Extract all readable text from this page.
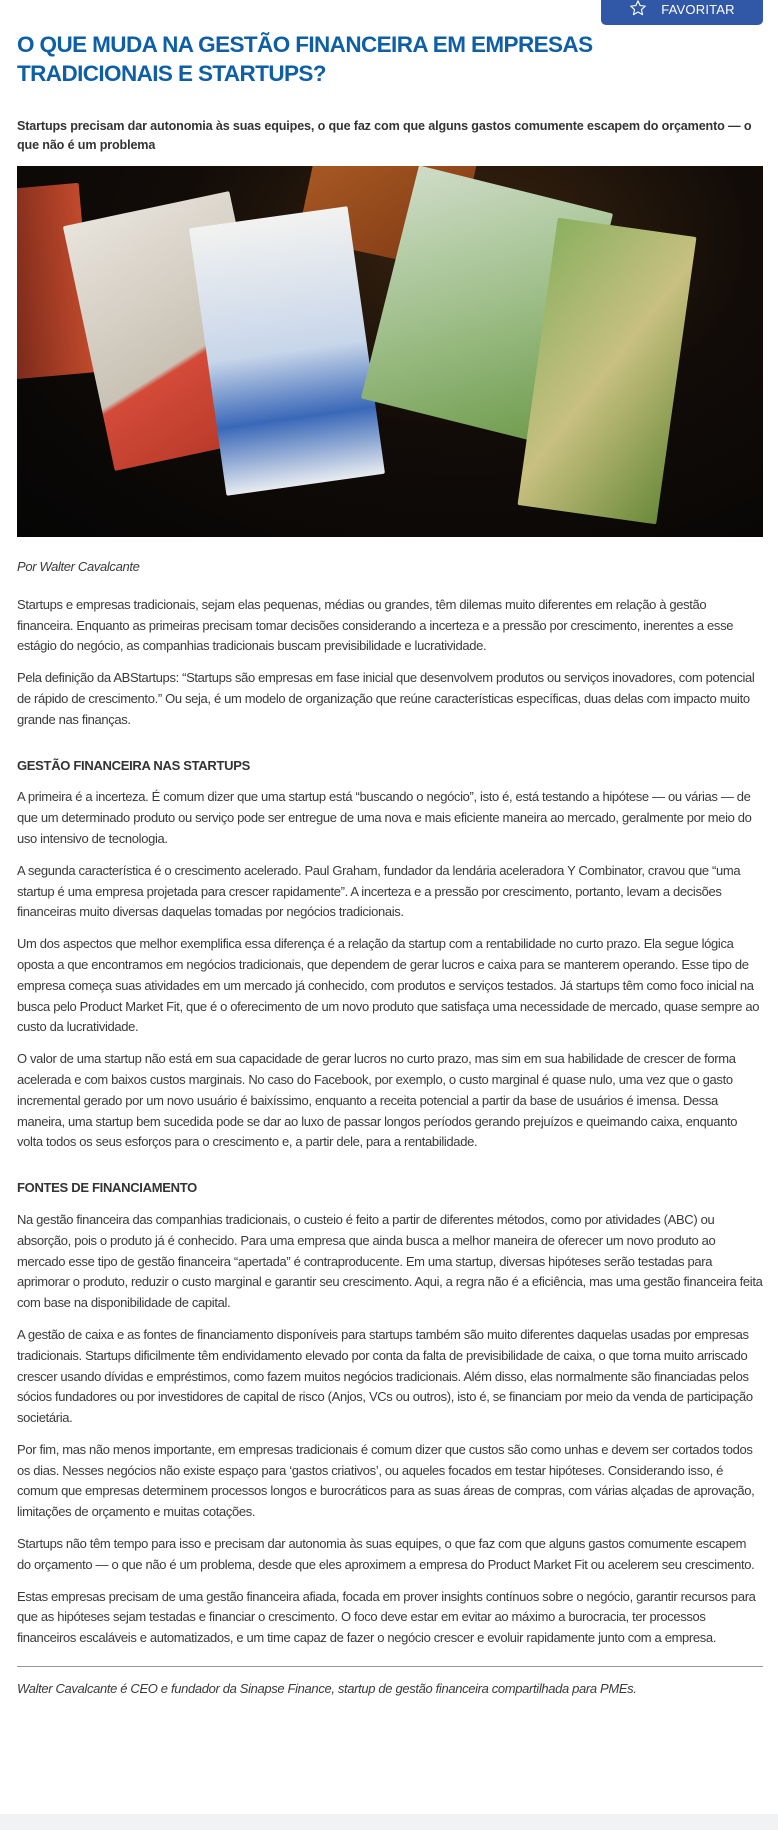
FAVORITAR
O QUE MUDA NA GESTÃO FINANCEIRA EM EMPRESAS TRADICIONAIS E STARTUPS?

Startups precisam dar autonomia às suas equipes, o que faz com que alguns gastos comumente escapem do orçamento — o que não é um problema

Por Walter Cavalcante

Startups e empresas tradicionais, sejam elas pequenas, médias ou grandes, têm dilemas muito diferentes em relação à gestão financeira. Enquanto as primeiras precisam tomar decisões considerando a incerteza e a pressão por crescimento, inerentes a esse estágio do negócio, as companhias tradicionais buscam previsibilidade e lucratividade.

Pela definição da ABStartups: “Startups são empresas em fase inicial que desenvolvem produtos ou serviços inovadores, com potencial de rápido de crescimento.” Ou seja, é um modelo de organização que reúne características específicas, duas delas com impacto muito grande nas finanças.

GESTÃO FINANCEIRA NAS STARTUPS

A primeira é a incerteza. É comum dizer que uma startup está “buscando o negócio”, isto é, está testando a hipótese — ou várias — de que um determinado produto ou serviço pode ser entregue de uma nova e mais eficiente maneira ao mercado, geralmente por meio do uso intensivo de tecnologia.

A segunda característica é o crescimento acelerado. Paul Graham, fundador da lendária aceleradora Y Combinator, cravou que “uma startup é uma empresa projetada para crescer rapidamente”. A incerteza e a pressão por crescimento, portanto, levam a decisões financeiras muito diversas daquelas tomadas por negócios tradicionais.

Um dos aspectos que melhor exemplifica essa diferença é a relação da startup com a rentabilidade no curto prazo. Ela segue lógica oposta a que encontramos em negócios tradicionais, que dependem de gerar lucros e caixa para se manterem operando. Esse tipo de empresa começa suas atividades em um mercado já conhecido, com produtos e serviços testados. Já startups têm como foco inicial na busca pelo Product Market Fit, que é o oferecimento de um novo produto que satisfaça uma necessidade de mercado, quase sempre ao custo da lucratividade.

O valor de uma startup não está em sua capacidade de gerar lucros no curto prazo, mas sim em sua habilidade de crescer de forma acelerada e com baixos custos marginais. No caso do Facebook, por exemplo, o custo marginal é quase nulo, uma vez que o gasto incremental gerado por um novo usuário é baixíssimo, enquanto a receita potencial a partir da base de usuários é imensa. Dessa maneira, uma startup bem sucedida pode se dar ao luxo de passar longos períodos gerando prejuízos e queimando caixa, enquanto volta todos os seus esforços para o crescimento e, a partir dele, para a rentabilidade.

FONTES DE FINANCIAMENTO

Na gestão financeira das companhias tradicionais, o custeio é feito a partir de diferentes métodos, como por atividades (ABC) ou absorção, pois o produto já é conhecido. Para uma empresa que ainda busca a melhor maneira de oferecer um novo produto ao mercado esse tipo de gestão financeira “apertada” é contraproducente. Em uma startup, diversas hipóteses serão testadas para aprimorar o produto, reduzir o custo marginal e garantir seu crescimento. Aqui, a regra não é a eficiência, mas uma gestão financeira feita com base na disponibilidade de capital.

A gestão de caixa e as fontes de financiamento disponíveis para startups também são muito diferentes daquelas usadas por empresas tradicionais. Startups dificilmente têm endividamento elevado por conta da falta de previsibilidade de caixa, o que torna muito arriscado crescer usando dívidas e empréstimos, como fazem muitos negócios tradicionais. Além disso, elas normalmente são financiadas pelos sócios fundadores ou por investidores de capital de risco (Anjos, VCs ou outros), isto é, se financiam por meio da venda de participação societária.

Por fim, mas não menos importante, em empresas tradicionais é comum dizer que custos são como unhas e devem ser cortados todos os dias. Nesses negócios não existe espaço para ‘gastos criativos’, ou aqueles focados em testar hipóteses. Considerando isso, é comum que empresas determinem processos longos e burocráticos para as suas áreas de compras, com várias alçadas de aprovação, limitações de orçamento e muitas cotações.

Startups não têm tempo para isso e precisam dar autonomia às suas equipes, o que faz com que alguns gastos comumente escapem do orçamento — o que não é um problema, desde que eles aproximem a empresa do Product Market Fit ou acelerem seu crescimento.

Estas empresas precisam de uma gestão financeira afiada, focada em prover insights contínuos sobre o negócio, garantir recursos para que as hipóteses sejam testadas e financiar o crescimento. O foco deve estar em evitar ao máximo a burocracia, ter processos financeiros escaláveis e automatizados, e um time capaz de fazer o negócio crescer e evoluir rapidamente junto com a empresa.

Walter Cavalcante é CEO e fundador da Sinapse Finance, startup de gestão financeira compartilhada para PMEs.
